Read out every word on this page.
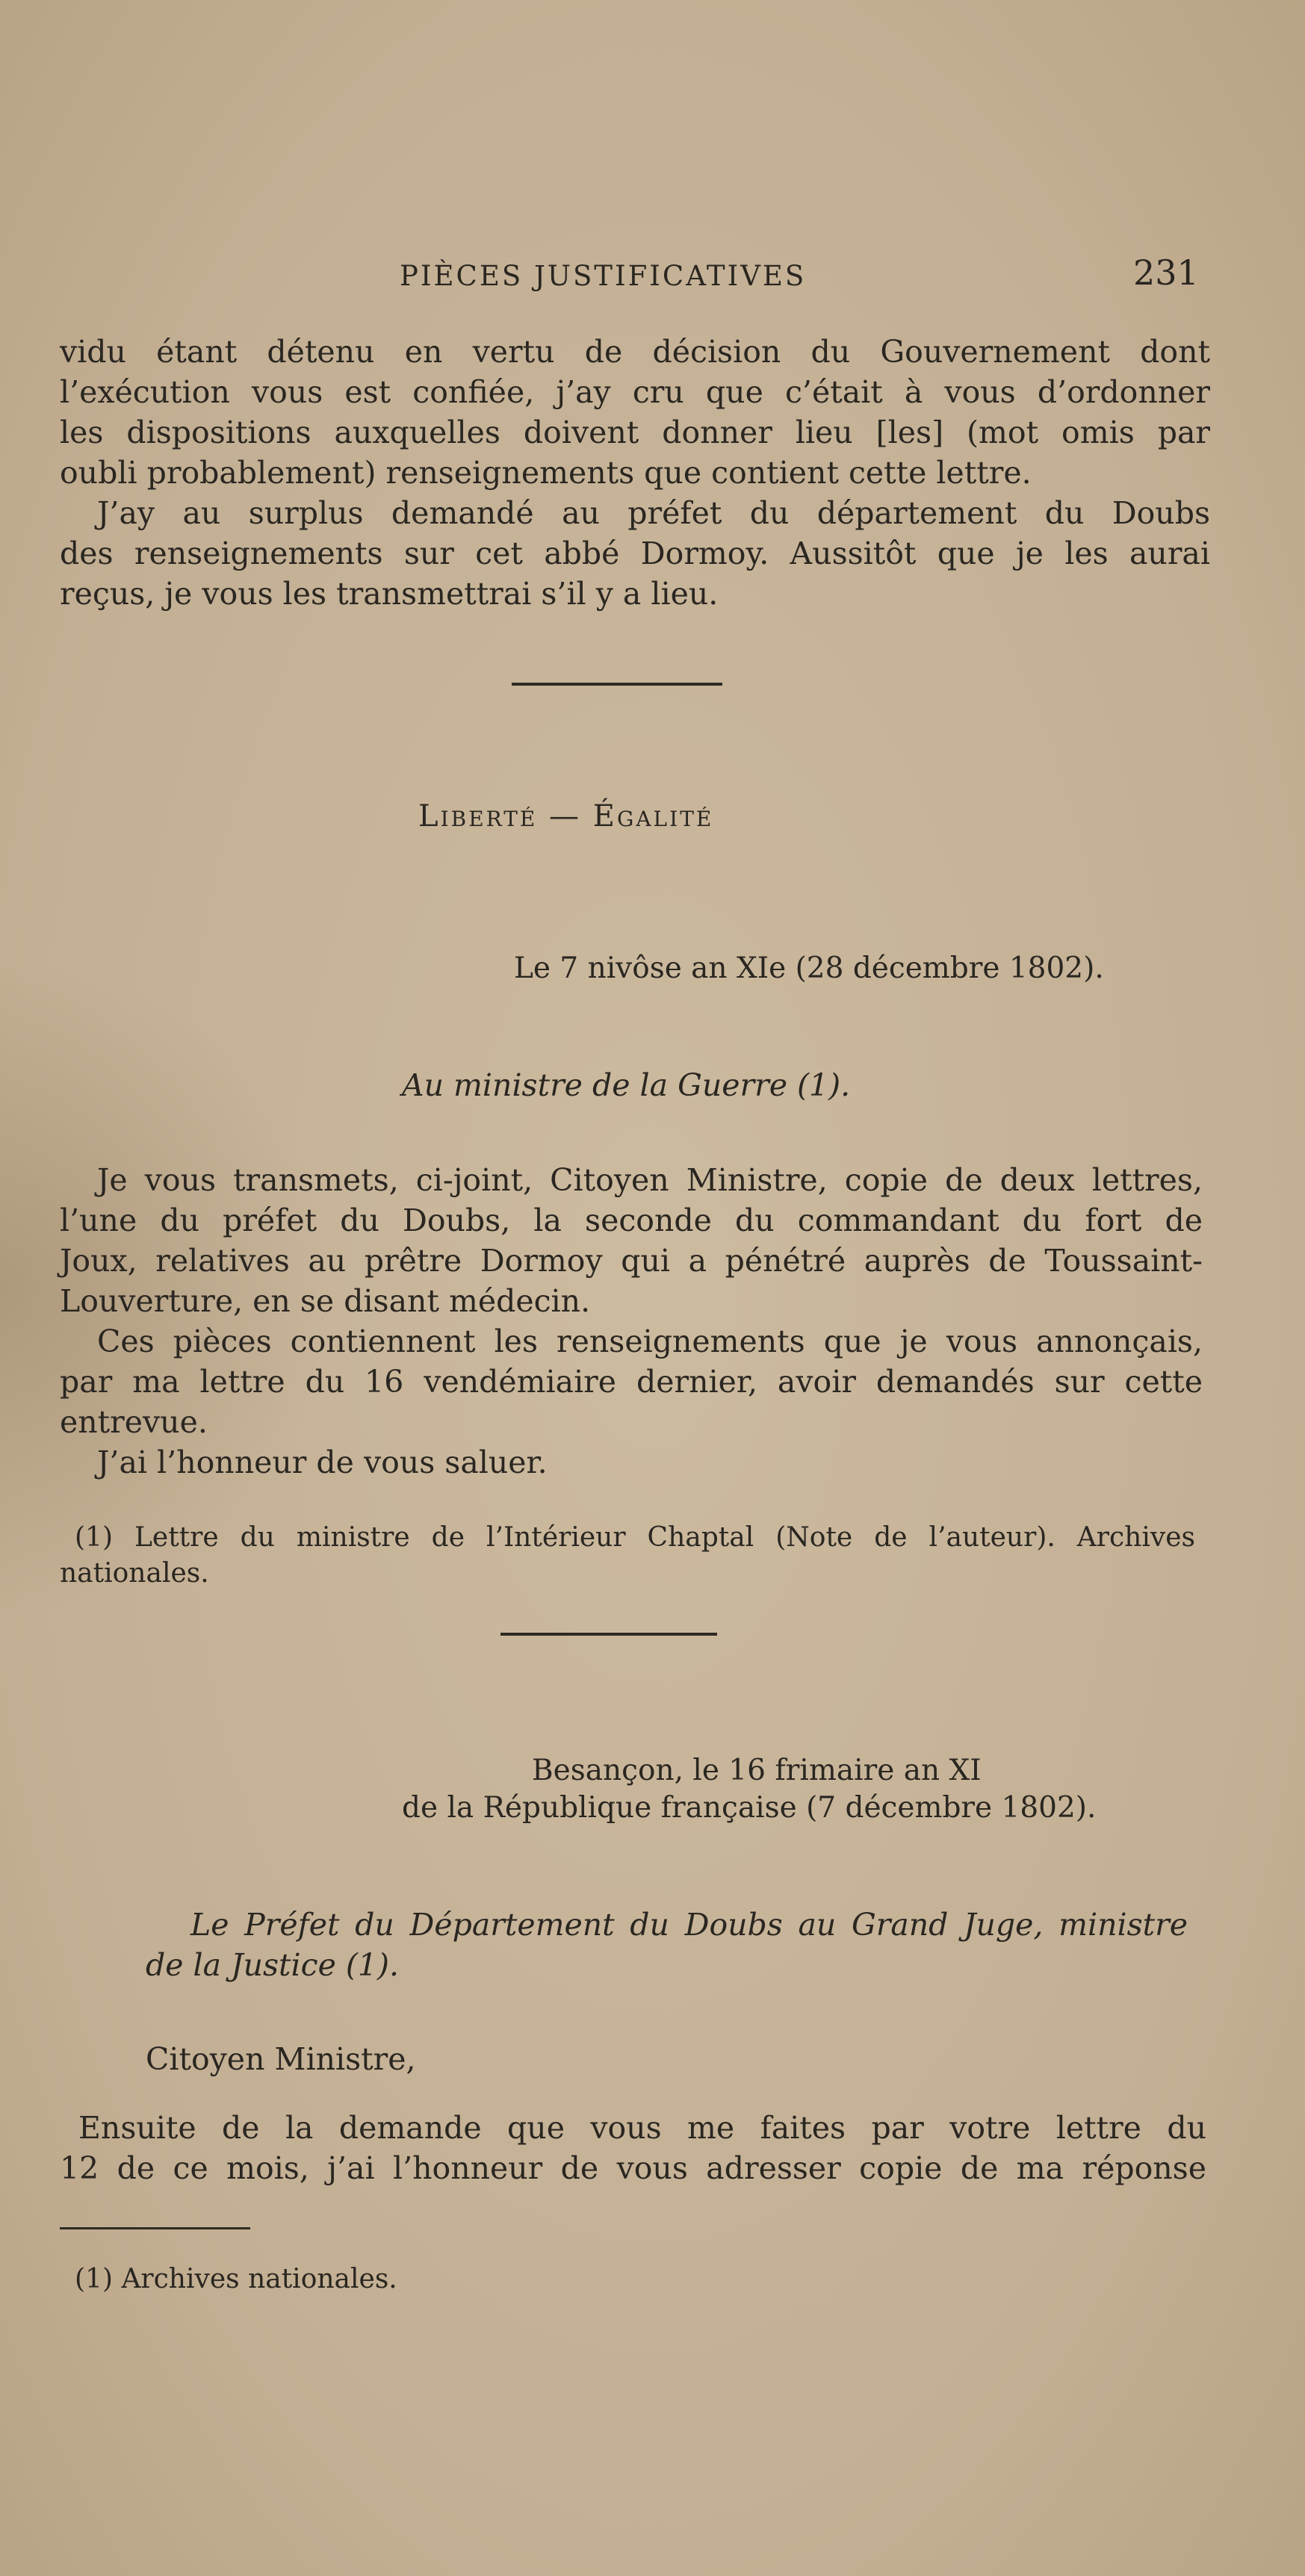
PIÈCES JUSTIFICATIVES	231
vidu étant détenu en vertu de décision du Gouvernement dont
l’exécution vous est confiée, j’ay cru que c’était à vous d’ordonner
les dispositions auxquelles doivent donner lieu [les] (mot omis par
oubli probablement) renseignements que contient cette lettre.
J’ay au surplus demandé au préfet du département du Doubs
des renseignements sur cet abbé Dormoy. Aussitôt que je les aurai
reçus, je vous les transmettrai s’il y a lieu.
Liberté — Égalité
Le 7 nivôse an XIe (28 décembre 1802).
Au ministre de la Guerre (1).
Je vous transmets, ci-joint, Citoyen Ministre, copie de deux lettres,
l’une du préfet du Doubs, la seconde du commandant du fort de
Joux, relatives au prêtre Dormoy qui a pénétré auprès de Toussaint-
Louverture, en se disant médecin.
Ces pièces contiennent les renseignements que je vous annonçais,
par ma lettre du 16 vendémiaire dernier, avoir demandés sur cette
entrevue.
J’ai l’honneur de vous saluer.
(1) Lettre du ministre de l’Intérieur Chaptal (Note de l’auteur). Archives
nationales.
Besançon, le 16 frimaire an XI
de la République française (7 décembre 1802).
Le Préfet du Département du Doubs au Grand Juge, ministre
de la Justice (1).
Citoyen Ministre,
Ensuite de la demande que vous me faites par votre lettre du
12 de ce mois, j’ai l’honneur de vous adresser copie de ma réponse
(1) Archives nationales.
